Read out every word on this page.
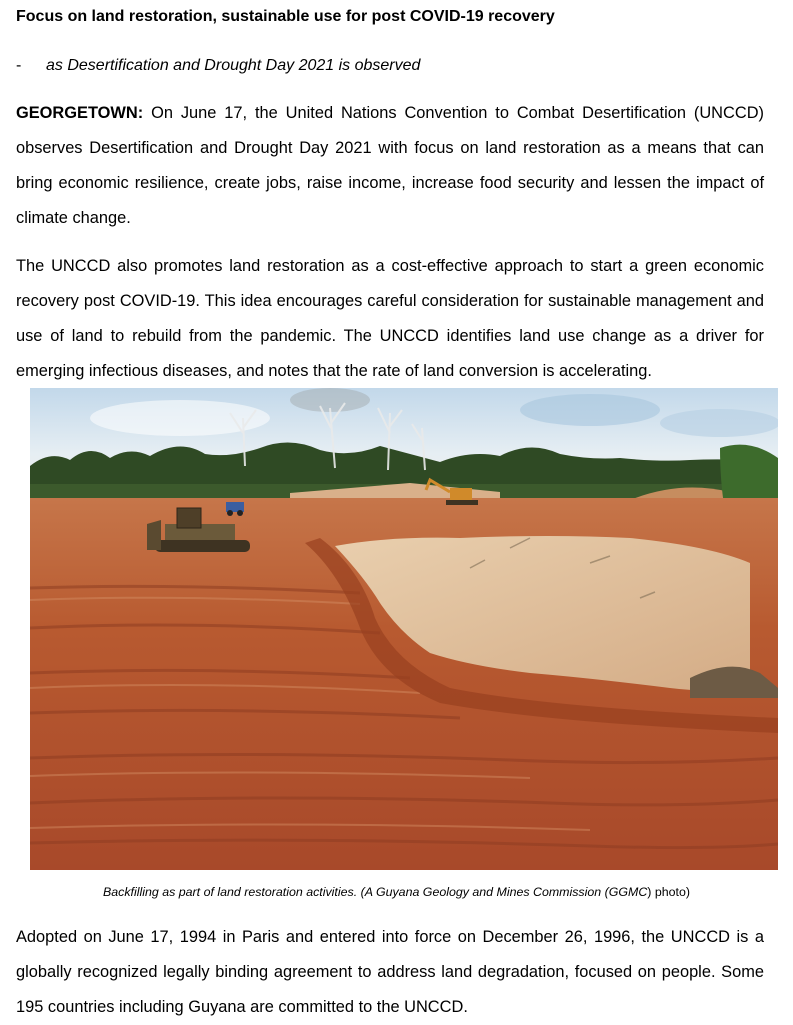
Focus on land restoration, sustainable use for post COVID-19 recovery
- as Desertification and Drought Day 2021 is observed

GEORGETOWN: On June 17, the United Nations Convention to Combat Desertification (UNCCD) observes Desertification and Drought Day 2021 with focus on land restoration as a means that can bring economic resilience, create jobs, raise income, increase food security and lessen the impact of climate change.

The UNCCD also promotes land restoration as a cost-effective approach to start a green economic recovery post COVID-19. This idea encourages careful consideration for sustainable management and use of land to rebuild from the pandemic. The UNCCD identifies land use change as a driver for emerging infectious diseases, and notes that the rate of land conversion is accelerating.

Backfilling as part of land restoration activities. (A Guyana Geology and Mines Commission (GGMC) photo)

Adopted on June 17, 1994 in Paris and entered into force on December 26, 1996, the UNCCD is a globally recognized legally binding agreement to address land degradation, focused on people. Some 195 countries including Guyana are committed to the UNCCD.
